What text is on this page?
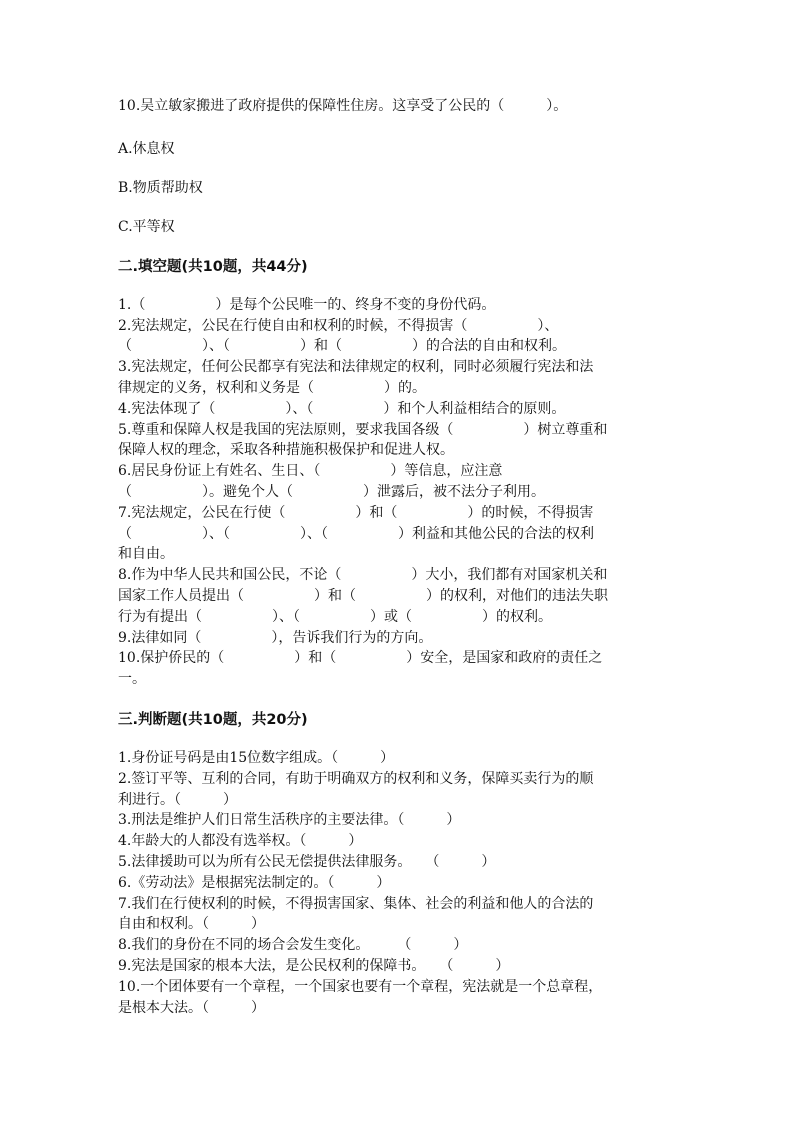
10.吴立敏家搬进了政府提供的保障性住房。这享受了公民的（　　　）。

A.休息权

B.物质帮助权

C.平等权

二.填空题(共10题，共44分)

1.（　　　　　）是每个公民唯一的、终身不变的身份代码。

2.宪法规定，公民在行使自由和权利的时候，不得损害（　　　　　）、

（　　　　　）、（　　　　　）和（　　　　　）的合法的自由和权利。

3.宪法规定，任何公民都享有宪法和法律规定的权利，同时必须履行宪法和法

律规定的义务，权利和义务是（　　　　　）的。

4.宪法体现了（　　　　　）、（　　　　　）和个人利益相结合的原则。

5.尊重和保障人权是我国的宪法原则，要求我国各级（　　　　　）树立尊重和

保障人权的理念，采取各种措施积极保护和促进人权。

6.居民身份证上有姓名、生日、（　　　　　）等信息，应注意

（　　　　　）。避免个人（　　　　　）泄露后，被不法分子利用。

7.宪法规定，公民在行使（　　　　　）和（　　　　　）的时候，不得损害

（　　　　　）、（　　　　　）、（　　　　　）利益和其他公民的合法的权利

和自由。

8.作为中华人民共和国公民，不论（　　　　　）大小，我们都有对国家机关和

国家工作人员提出（　　　　　）和（　　　　　）的权利，对他们的违法失职

行为有提出（　　　　　）、（　　　　　）或（　　　　　）的权利。

9.法律如同（　　　　　），告诉我们行为的方向。

10.保护侨民的（　　　　　）和（　　　　　）安全，是国家和政府的责任之

一。

三.判断题(共10题，共20分)

1.身份证号码是由15位数字组成。（　　　）

2.签订平等、互利的合同，有助于明确双方的权利和义务，保障买卖行为的顺

利进行。（　　　）

3.刑法是维护人们日常生活秩序的主要法律。（　　　）

4.年龄大的人都没有选举权。（　　　）

5.法律援助可以为所有公民无偿提供法律服务。　　（　　　）

6.《劳动法》是根据宪法制定的。（　　　）

7.我们在行使权利的时候，不得损害国家、集体、社会的利益和他人的合法的

自由和权利。（　　　）

8.我们的身份在不同的场合会发生变化。　　　（　　　）

9.宪法是国家的根本大法，是公民权利的保障书。　　（　　　）

10.一个团体要有一个章程，一个国家也要有一个章程，宪法就是一个总章程，

是根本大法。（　　　）
